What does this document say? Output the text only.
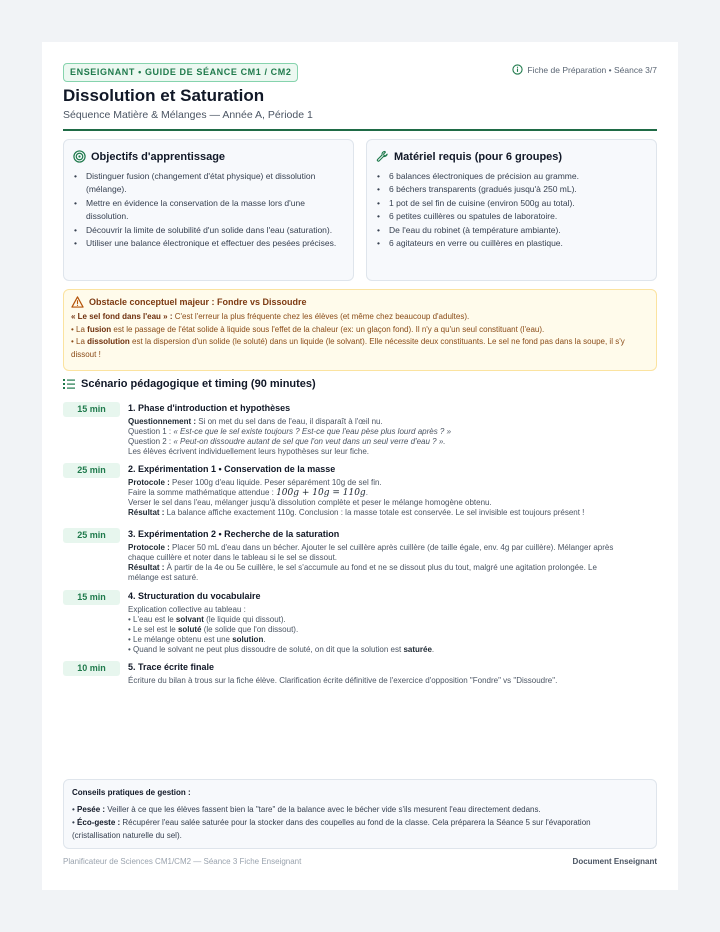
ENSEIGNANT • GUIDE DE SÉANCE CM1 / CM2	Fiche de Préparation • Séance 3/7
Dissolution et Saturation
Séquence Matière & Mélanges — Année A, Période 1
Objectifs d'apprentissage
• Distinguer fusion (changement d'état physique) et dissolution (mélange).
• Mettre en évidence la conservation de la masse lors d'une dissolution.
• Découvrir la limite de solubilité d'un solide dans l'eau (saturation).
• Utiliser une balance électronique et effectuer des pesées précises.
Matériel requis (pour 6 groupes)
• 6 balances électroniques de précision au gramme.
• 6 béchers transparents (gradués jusqu'à 250 mL).
• 1 pot de sel fin de cuisine (environ 500g au total).
• 6 petites cuillères ou spatules de laboratoire.
• De l'eau du robinet (à température ambiante).
• 6 agitateurs en verre ou cuillères en plastique.
Obstacle conceptuel majeur : Fondre vs Dissoudre

« Le sel fond dans l'eau » : C'est l'erreur la plus fréquente chez les élèves (et même chez beaucoup d'adultes).

• La fusion est le passage de l'état solide à liquide sous l'effet de la chaleur (ex: un glaçon fond). Il n'y a qu'un seul constituant (l'eau).

• La dissolution est la dispersion d'un solide (le soluté) dans un liquide (le solvant). Elle nécessite deux constituants. Le sel ne fond pas dans la soupe, il s'y dissout !

Scénario pédagogique et timing (90 minutes)
15 min	1. Phase d'introduction et hypothèses
Questionnement : Si on met du sel dans de l'eau, il disparaît à l'œil nu.
Question 1 : « Est-ce que le sel existe toujours ? Est-ce que l'eau pèse plus lourd après ? »
Question 2 : « Peut-on dissoudre autant de sel que l'on veut dans un seul verre d'eau ? ».
Les élèves écrivent individuellement leurs hypothèses sur leur fiche.
25 min	2. Expérimentation 1 • Conservation de la masse
Protocole : Peser 100g d'eau liquide. Peser séparément 10g de sel fin.
Faire la somme mathématique attendue : 100g + 10g = 110g.
Verser le sel dans l'eau, mélanger jusqu'à dissolution complète et peser le mélange homogène obtenu.
Résultat : La balance affiche exactement 110g. Conclusion : la masse totale est conservée. Le sel invisible est toujours présent !
25 min	3. Expérimentation 2 • Recherche de la saturation
Protocole : Placer 50 mL d'eau dans un bécher. Ajouter le sel cuillère après cuillère (de taille égale, env. 4g par cuillère). Mélanger après
chaque cuillère et noter dans le tableau si le sel se dissout.
Résultat : À partir de la 4e ou 5e cuillère, le sel s'accumule au fond et ne se dissout plus du tout, malgré une agitation prolongée. Le
mélange est saturé.
15 min	4. Structuration du vocabulaire
Explication collective au tableau :
• L'eau est le solvant (le liquide qui dissout).
• Le sel est le soluté (le solide que l'on dissout).
• Le mélange obtenu est une solution.
• Quand le solvant ne peut plus dissoudre de soluté, on dit que la solution est saturée.
10 min	5. Trace écrite finale
Écriture du bilan à trous sur la fiche élève. Clarification écrite définitive de l'exercice d'opposition "Fondre" vs "Dissoudre".
Conseils pratiques de gestion :
• Pesée : Veiller à ce que les élèves fassent bien la "tare" de la balance avec le bécher vide s'ils mesurent l'eau directement dedans.
• Éco-geste : Récupérer l'eau salée saturée pour la stocker dans des coupelles au fond de la classe. Cela préparera la Séance 5 sur l'évaporation
(cristallisation naturelle du sel).
Planificateur de Sciences CM1/CM2 — Séance 3 Fiche Enseignant	Document Enseignant
